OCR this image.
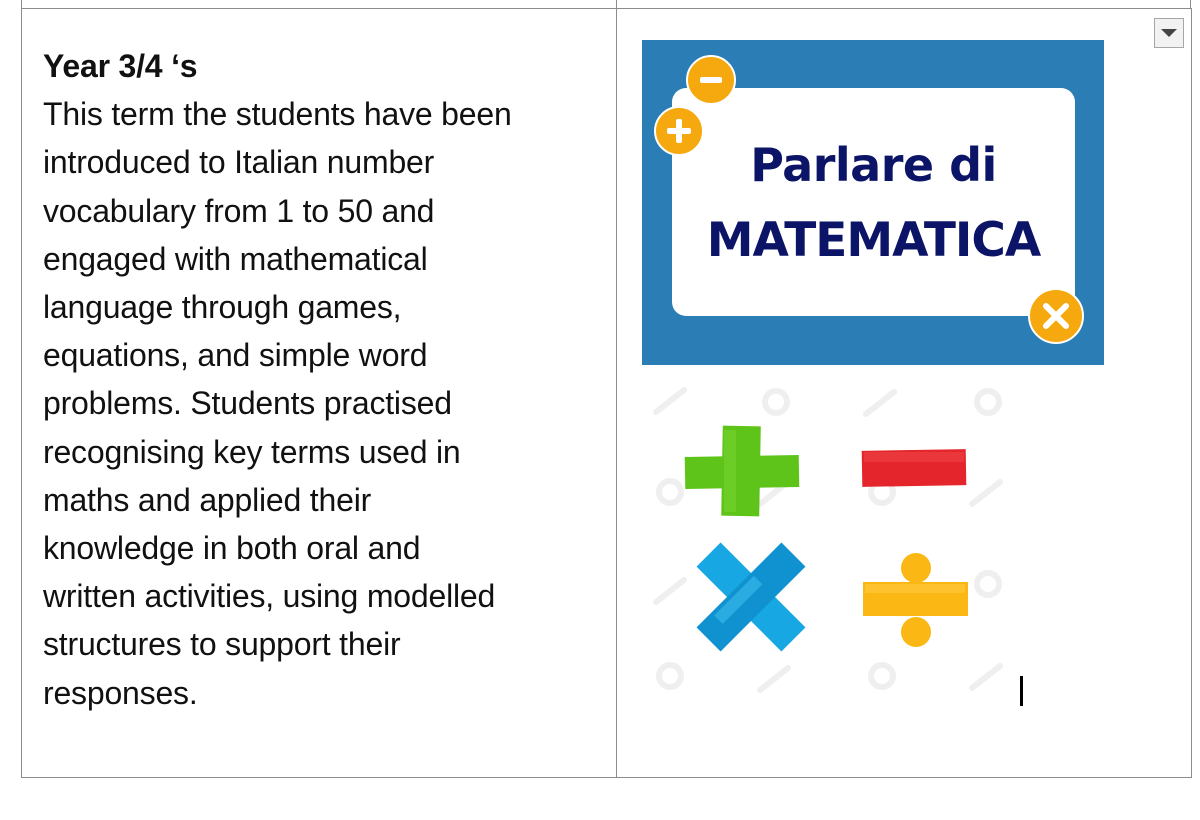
Year 3/4 ‘s
This term the students have been
introduced to Italian number
vocabulary from 1 to 50 and
engaged with mathematical
language through games,
equations, and simple word
problems. Students practised
recognising key terms used in
maths and applied their
knowledge in both oral and
written activities, using modelled
structures to support their
responses.
Parlare di
MATEMATICA
